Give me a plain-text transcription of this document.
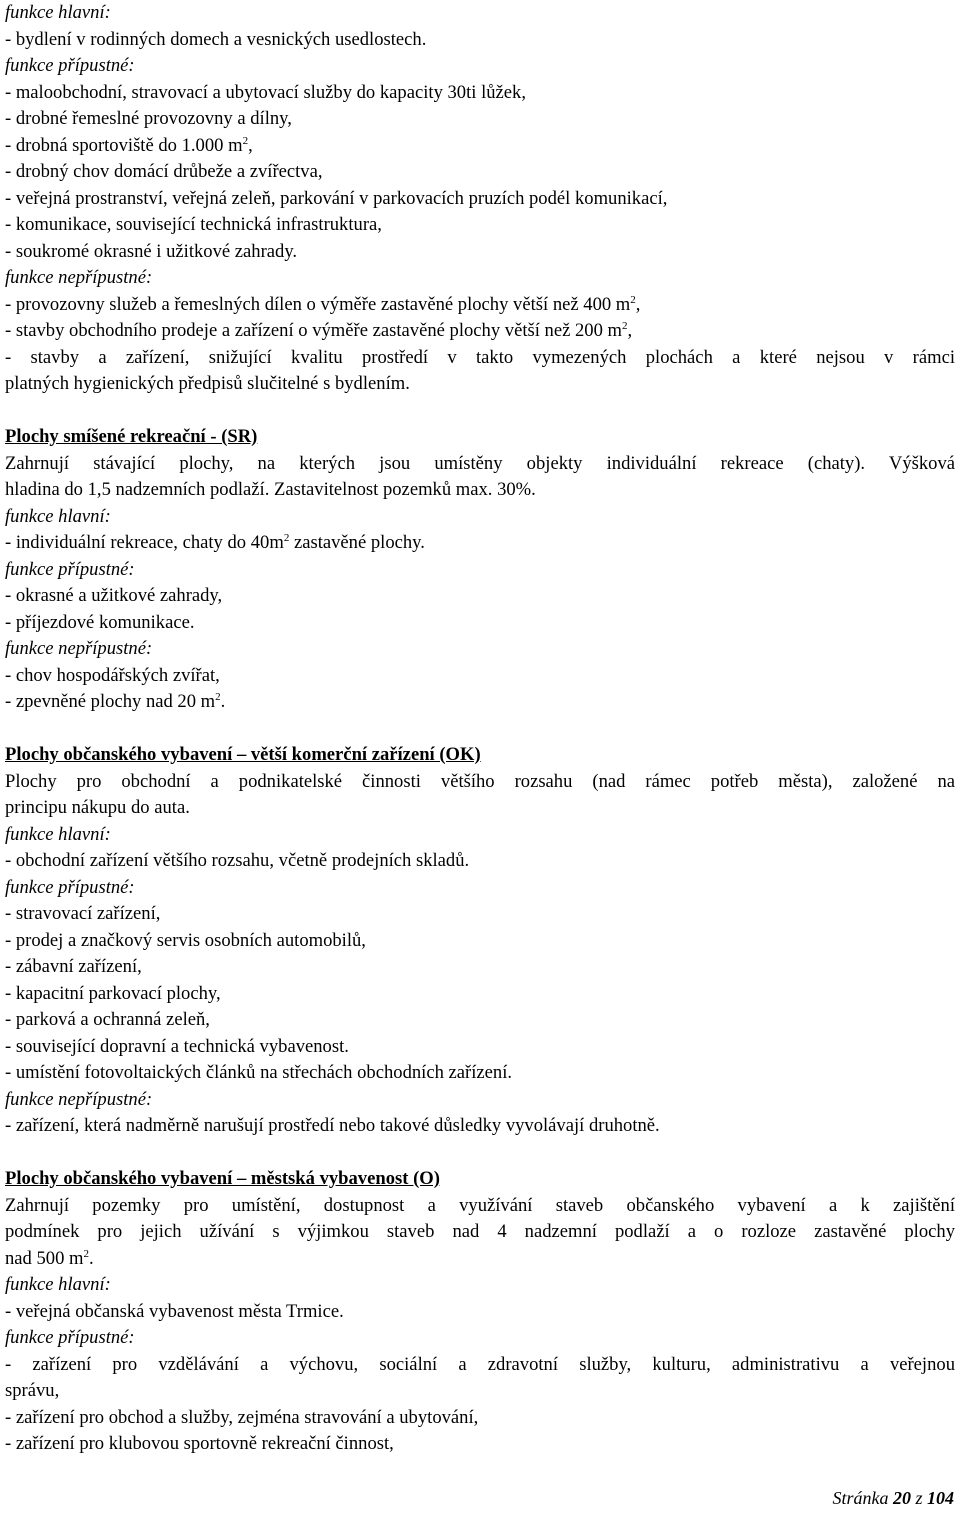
funkce hlavní:
- bydlení v rodinných domech a vesnických usedlostech.
funkce přípustné:
- maloobchodní, stravovací a ubytovací služby do kapacity 30ti lůžek,
- drobné řemeslné provozovny a dílny,
- drobná sportoviště do 1.000 $m^2$,
- drobný chov domácí drůbeže a zvířectva,
- veřejná prostranství, veřejná zeleň, parkování v parkovacích pruzích podél komunikací,
- komunikace, související technická infrastruktura,
- soukromé okrasné i užitkové zahrady.
funkce nepřípustné:
- provozovny služeb a řemeslných dílen o výměře zastavěné plochy větší než 400 $m^2$,
- stavby obchodního prodeje a zařízení o výměře zastavěné plochy větší než 200 $m^2$,
- stavby a zařízení, snižující kvalitu prostředí v takto vymezených plochách a které nejsou v rámci
platných hygienických předpisů slučitelné s bydlením.
Plochy smíšené rekreační - (SR)
Zahrnují stávající plochy, na kterých jsou umístěny objekty individuální rekreace (chaty). Výšková
hladina do 1,5 nadzemních podlaží. Zastavitelnost pozemků max. 30%.
funkce hlavní:
- individuální rekreace, chaty do $40m^2$ zastavěné plochy.
funkce přípustné:
- okrasné a užitkové zahrady,
- příjezdové komunikace.
funkce nepřípustné:
- chov hospodářských zvířat,
- zpevněné plochy nad 20 $m^2$.
Plochy občanského vybavení – větší komerční zařízení (OK)
Plochy pro obchodní a podnikatelské činnosti většího rozsahu (nad rámec potřeb města), založené na
principu nákupu do auta.
funkce hlavní:
- obchodní zařízení většího rozsahu, včetně prodejních skladů.
funkce přípustné:
- stravovací zařízení,
- prodej a značkový servis osobních automobilů,
- zábavní zařízení,
- kapacitní parkovací plochy,
- parková a ochranná zeleň,
- související dopravní a technická vybavenost.
- umístění fotovoltaických článků na střechách obchodních zařízení.
funkce nepřípustné:
- zařízení, která nadměrně narušují prostředí nebo takové důsledky vyvolávají druhotně.
Plochy občanského vybavení – městská vybavenost (O)
Zahrnují pozemky pro umístění, dostupnost a využívání staveb občanského vybavení a k zajištění
podmínek pro jejich užívání s výjimkou staveb nad 4 nadzemní podlaží a o rozloze zastavěné plochy
nad 500 $m^2$.
funkce hlavní:
- veřejná občanská vybavenost města Trmice.
funkce přípustné:
- zařízení pro vzdělávání a výchovu, sociální a zdravotní služby, kulturu, administrativu a veřejnou
správu,
- zařízení pro obchod a služby, zejména stravování a ubytování,
- zařízení pro klubovou sportovně rekreační činnost,
Stránka 20 z 104
